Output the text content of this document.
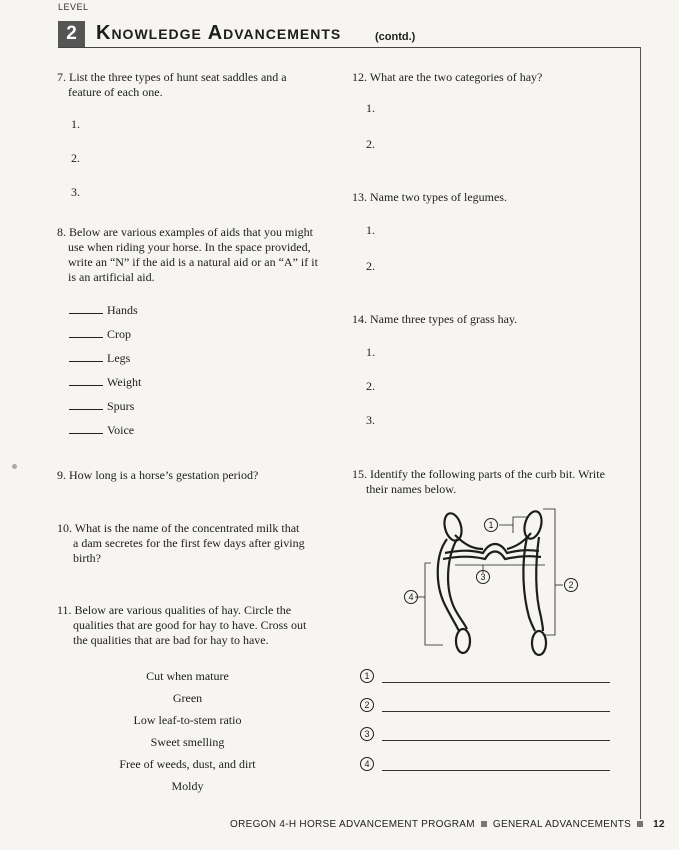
LEVEL
2 Knowledge Advancements	(contd.)
7. List the three types of hunt seat saddles and a
feature of each one.
1.
2.
3.
8. Below are various examples of aids that you might
use when riding your horse. In the space provided,
write an “N” if the aid is a natural aid or an “A” if it
is an artificial aid.
Hands
Crop
Legs
Weight
Spurs
Voice
9. How long is a horse’s gestation period?
10. What is the name of the concentrated milk that
a dam secretes for the first few days after giving
birth?
11. Below are various qualities of hay. Circle the
qualities that are good for hay to have. Cross out
the qualities that are bad for hay to have.
Cut when mature
Green
Low leaf-to-stem ratio
Sweet smelling
Free of weeds, dust, and dirt
Moldy
12. What are the two categories of hay?
1.
2.
13. Name two types of legumes.
1.
2.
14. Name three types of grass hay.
1.
2.
3.
15. Identify the following parts of the curb bit. Write
their names below.
1
2
3
4
1
2
3
4
OREGON 4-H HORSE ADVANCEMENT PROGRAM GENERAL ADVANCEMENTS 12
